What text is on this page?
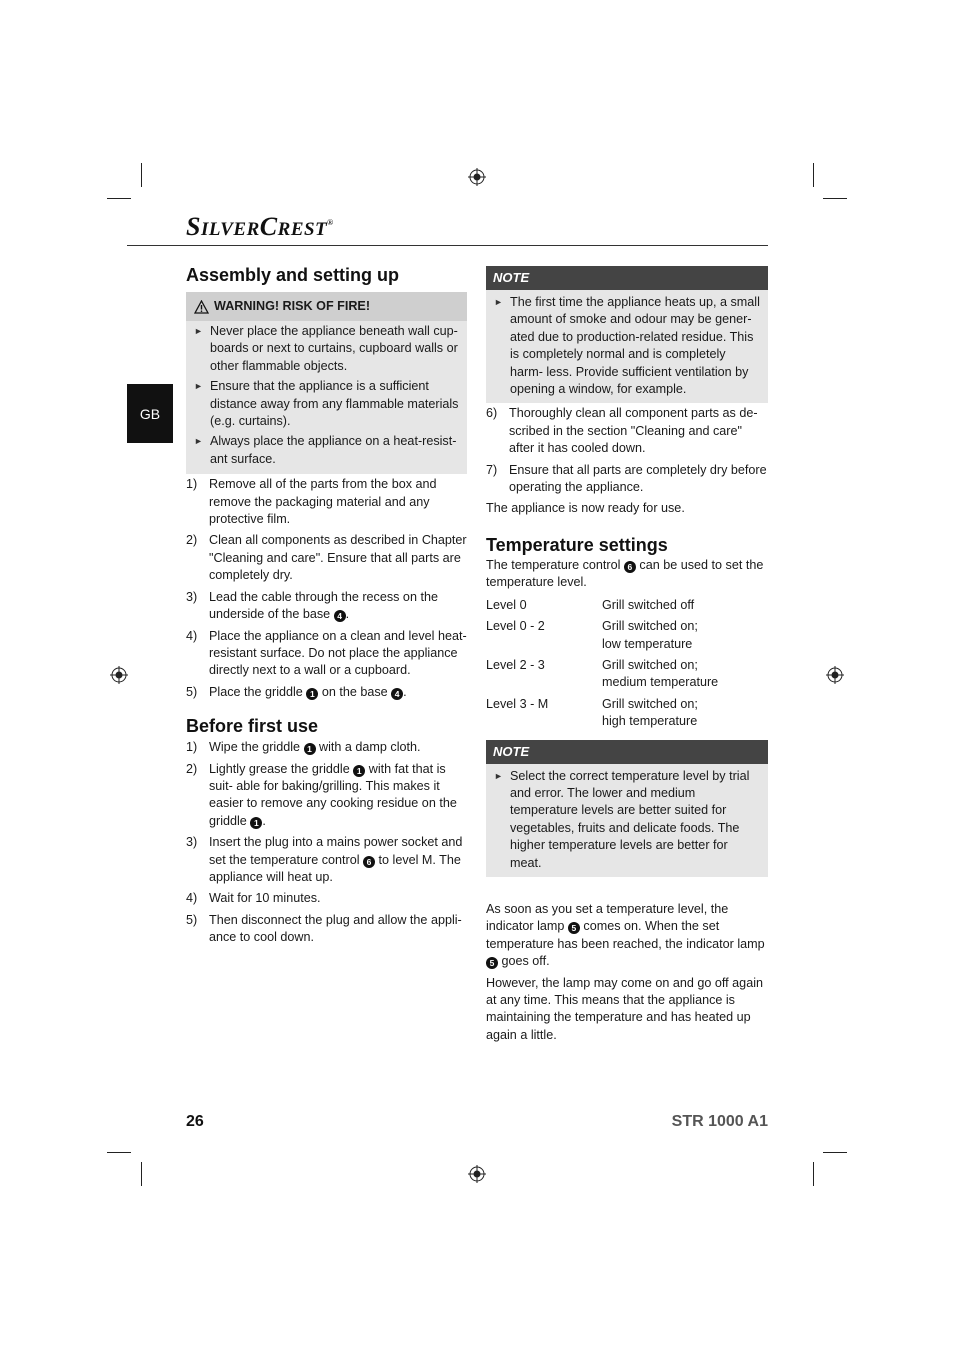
SILVERCREST®
GB
Assembly and setting up
WARNING! RISK OF FIRE!
► Never place the appliance beneath wall cup- boards or next to curtains, cupboard walls or other flammable objects.
► Ensure that the appliance is a sufficient distance away from any flammable materials (e.g. curtains).
► Always place the appliance on a heat-resist- ant surface.
1) Remove all of the parts from the box and remove the packaging material and any protective film.
2) Clean all components as described in Chapter "Cleaning and care". Ensure that all parts are completely dry.
3) Lead the cable through the recess on the underside of the base 4 .
4) Place the appliance on a clean and level heat- resistant surface. Do not place the appliance directly next to a wall or a cupboard.
5) Place the griddle 1 on the base 4 .
Before first use
1) Wipe the griddle 1 with a damp cloth.
2) Lightly grease the griddle 1 with fat that is suit- able for baking/grilling. This makes it easier to remove any cooking residue on the griddle 1 .
3) Insert the plug into a mains power socket and set the temperature control 6 to level M. The appliance will heat up.
4) Wait for 10 minutes.
5) Then disconnect the plug and allow the appli- ance to cool down.
NOTE
► The first time the appliance heats up, a small amount of smoke and odour may be gener- ated due to production-related residue. This is completely normal and is completely harm- less. Provide sufficient ventilation by opening a window, for example.
6) Thoroughly clean all component parts as de- scribed in the section "Cleaning and care" after it has cooled down.
7) Ensure that all parts are completely dry before operating the appliance.

The appliance is now ready for use.

Temperature settings

The temperature control 6 can be used to set the temperature level.

Level 0	Grill switched off
Level 0 - 2	Grill switched on;
low temperature
Level 2 - 3	Grill switched on;
medium temperature
Level 3 - M	Grill switched on;
high temperature
NOTE
► Select the correct temperature level by trial and error. The lower and medium temperature levels are better suited for vegetables, fruits and delicate foods. The higher temperature levels are better for meat.

As soon as you set a temperature level, the indicator lamp 5 comes on. When the set temperature has been reached, the indicator lamp 5 goes off.

However, the lamp may come on and go off again at any time. This means that the appliance is maintaining the temperature and has heated up again a little.

26	STR 1000 A1
